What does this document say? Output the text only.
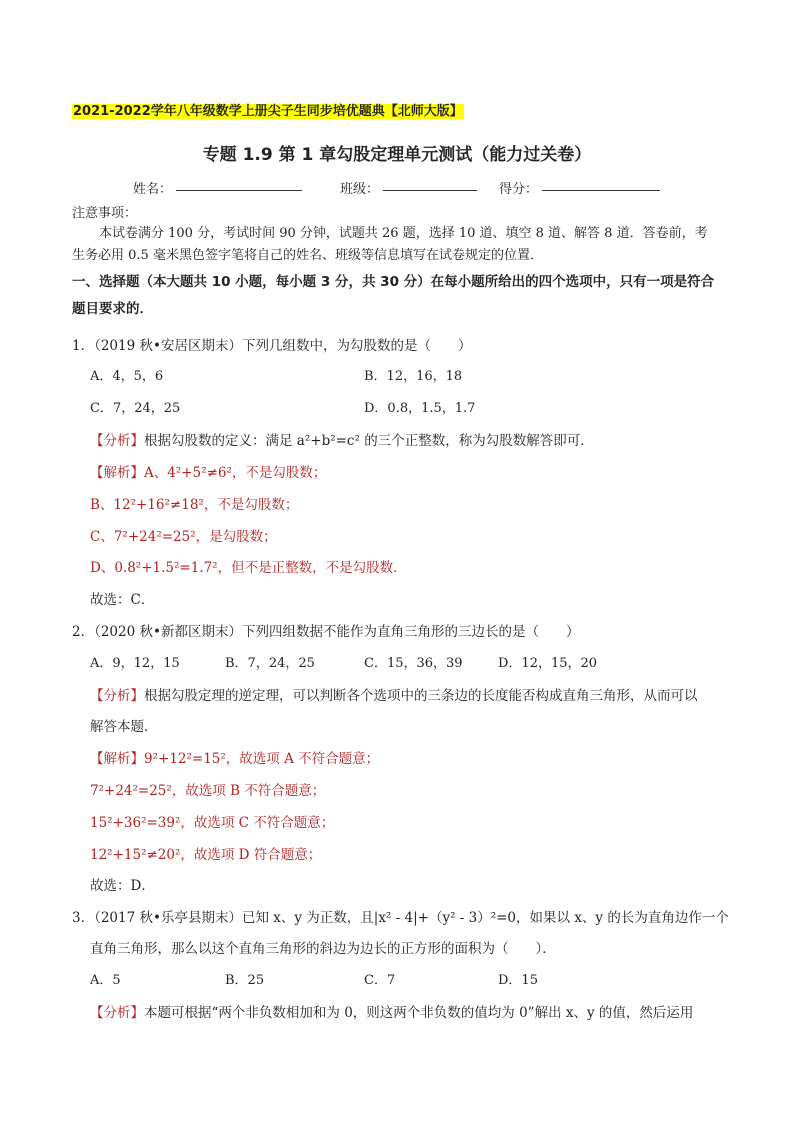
2021-2022学年八年级数学上册尖子生同步培优题典【北师大版】
专题 1.9 第 1 章勾股定理单元测试（能力过关卷）
姓名：	班级：	得分：
注意事项：
本试卷满分 100 分，考试时间 90 分钟，试题共 26 题，选择 10 道、填空 8 道、解答 8 道．答卷前，考
生务必用 0.5 毫米黑色签字笔将自己的姓名、班级等信息填写在试卷规定的位置．
一、选择题（本大题共 10 小题，每小题 3 分，共 30 分）在每小题所给出的四个选项中，只有一项是符合
题目要求的．
1．（2019 秋•安居区期末）下列几组数中，为勾股数的是（　　）
A．4，5，6	B．12，16，18
C．7，24，25	D．0.8，1.5，1.7
【分析】根据勾股数的定义：满足 a²+b²=c² 的三个正整数，称为勾股数解答即可．
【解析】A、4²+5²≠6²，不是勾股数；
B、12²+16²≠18²，不是勾股数；
C、7²+24²=25²，是勾股数；
D、0.8²+1.5²=1.7²，但不是正整数，不是勾股数．
故选：C．
2．（2020 秋•新都区期末）下列四组数据不能作为直角三角形的三边长的是（　　）
A．9，12，15	B．7，24，25	C．15，36，39	D．12，15，20
【分析】根据勾股定理的逆定理，可以判断各个选项中的三条边的长度能否构成直角三角形，从而可以
解答本题．
【解析】9²+12²=15²，故选项 A 不符合题意；
7²+24²=25²，故选项 B 不符合题意；
15²+36²=39²，故选项 C 不符合题意；
12²+15²≠20²，故选项 D 符合题意；
故选：D．
3．（2017 秋•乐亭县期末）已知 x、y 为正数，且|x² - 4|+（y² - 3）²=0，如果以 x、y 的长为直角边作一个
直角三角形，那么以这个直角三角形的斜边为边长的正方形的面积为（　　）．
A．5	B．25	C．7	D．15
【分析】本题可根据“两个非负数相加和为 0，则这两个非负数的值均为 0”解出 x、y 的值，然后运用
